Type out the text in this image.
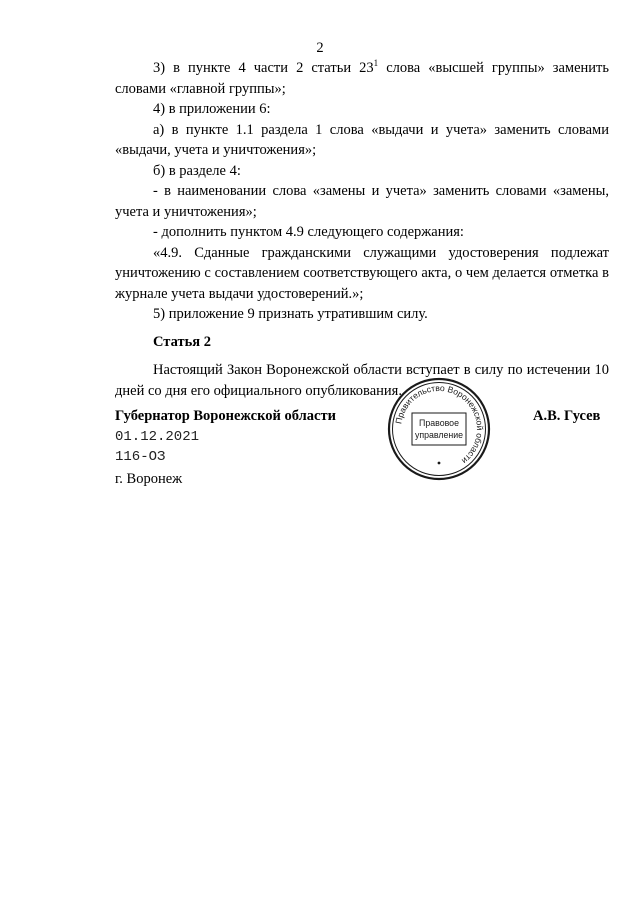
2

3) в пункте 4 части 2 статьи $23^1$ слова «высшей группы» заменить словами «главной группы»;

4) в приложении 6:

а) в пункте 1.1 раздела 1 слова «выдачи и учета» заменить словами «выдачи, учета и уничтожения»;

б) в разделе 4:

- в наименовании слова «замены и учета» заменить словами «замены, учета и уничтожения»;

- дополнить пунктом 4.9 следующего содержания:

«4.9. Сданные гражданскими служащими удостоверения подлежат уничтожению с составлением соответствующего акта, о чем делается отметка в журнале учета выдачи удостоверений.»;

5) приложение 9 признать утратившим силу.

Статья 2

Настоящий Закон Воронежской области вступает в силу по истечении 10 дней со дня его официального опубликования.

Губернатор Воронежской области

01.12.2021

116-ОЗ

г. Воронеж

А.В. Гусев
Правительство Воронежской области
Правовое
управление
